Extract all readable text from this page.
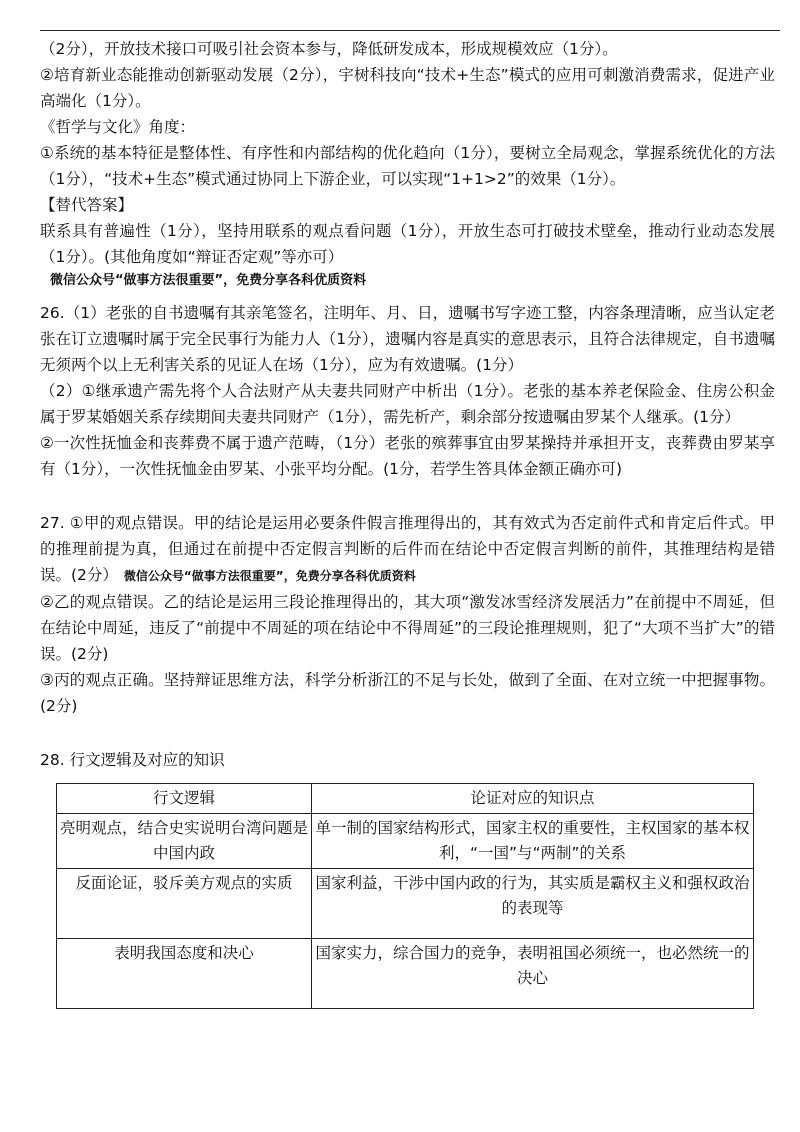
（2分），开放技术接口可吸引社会资本参与，降低研发成本，形成规模效应（1分）。

②培育新业态能推动创新驱动发展（2分），宇树科技向“技术+生态”模式的应用可刺激消费需求，促进产业高端化（1分）。

《哲学与文化》角度：

①系统的基本特征是整体性、有序性和内部结构的优化趋向（1分），要树立全局观念，掌握系统优化的方法（1分），“技术+生态”模式通过协同上下游企业，可以实现“1+1>2”的效果（1分）。

【替代答案】

联系具有普遍性（1分），坚持用联系的观点看问题（1分），开放生态可打破技术壁垒，推动行业动态发展（1分）。(其他角度如“辩证否定观”等亦可）

微信公众号“做事方法很重要”，免费分享各科优质资料

26.（1）老张的自书遗嘱有其亲笔签名，注明年、月、日，遗嘱书写字迹工整，内容条理清晰，应当认定老张在订立遗嘱时属于完全民事行为能力人（1分），遗嘱内容是真实的意思表示，且符合法律规定，自书遗嘱无须两个以上无利害关系的见证人在场（1分），应为有效遗嘱。(1分）

（2）①继承遗产需先将个人合法财产从夫妻共同财产中析出（1分）。老张的基本养老保险金、住房公积金属于罗某婚姻关系存续期间夫妻共同财产（1分），需先析产，剩余部分按遗嘱由罗某个人继承。(1分）

②一次性抚恤金和丧葬费不属于遗产范畴，（1分）老张的殡葬事宜由罗某操持并承担开支，丧葬费由罗某享有（1分），一次性抚恤金由罗某、小张平均分配。(1分，若学生答具体金额正确亦可)

27. ①甲的观点错误。甲的结论是运用必要条件假言推理得出的，其有效式为否定前件式和肯定后件式。甲的推理前提为真，但通过在前提中否定假言判断的后件而在结论中否定假言判断的前件，其推理结构是错误。(2分） 微信公众号“做事方法很重要”，免费分享各科优质资料

②乙的观点错误。乙的结论是运用三段论推理得出的，其大项“激发冰雪经济发展活力”在前提中不周延，但在结论中周延，违反了“前提中不周延的项在结论中不得周延”的三段论推理规则，犯了“大项不当扩大”的错误。(2分)

③丙的观点正确。坚持辩证思维方法，科学分析浙江的不足与长处，做到了全面、在对立统一中把握事物。(2分)

28. 行文逻辑及对应的知识

行文逻辑	论证对应的知识点
亮明观点，结合史实说明台湾问题是中国内政	单一制的国家结构形式，国家主权的重要性，主权国家的基本权利，“一国”与“两制”的关系
反面论证，驳斥美方观点的实质	国家利益，干涉中国内政的行为，其实质是霸权主义和强权政治的表现等
表明我国态度和决心	国家实力，综合国力的竞争，表明祖国必须统一，也必然统一的决心
